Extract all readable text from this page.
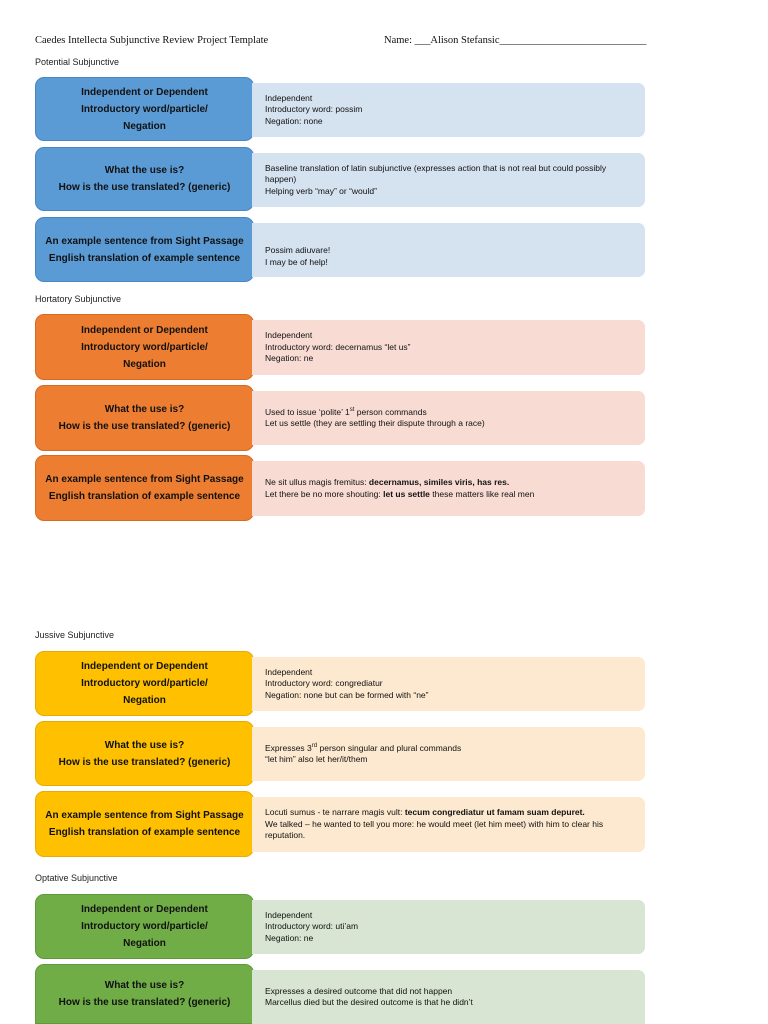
Caedes Intellecta Subjunctive Review Project Template	Name: ___Alison Stefansic____________________________
Potential Subjunctive
Independent or Dependent
Introductory word/particle/
Negation
Independent
Introductory word: possim
Negation: none
What the use is?
How is the use translated? (generic)
Baseline translation of latin subjunctive (expresses action that is not real but could possibly happen)
Helping verb “may” or “would”
An example sentence from Sight Passage
English translation of example sentence
Possim adiuvare!
I may be of help!
Hortatory Subjunctive
Independent or Dependent
Introductory word/particle/
Negation
Independent
Introductory word: decernamus “let us”
Negation: ne
What the use is?
How is the use translated? (generic)
Used to issue ‘polite’ 1st person commands
Let us settle (they are settling their dispute through a race)
An example sentence from Sight Passage
English translation of example sentence
Ne sit ullus magis fremitus: decernamus, similes viris, has res.
Let there be no more shouting: let us settle these matters like real men
Jussive Subjunctive
Independent or Dependent
Introductory word/particle/
Negation
Independent
Introductory word: congrediatur
Negation: none but can be formed with “ne”
What the use is?
How is the use translated? (generic)
Expresses 3rd person singular and plural commands
“let him” also let her/it/them
An example sentence from Sight Passage
English translation of example sentence
Locuti sumus - te narrare magis vult: tecum congrediatur ut famam suam depuret.
We talked – he wanted to tell you more: he would meet (let him meet) with him to clear his reputation.
Optative Subjunctive
Independent or Dependent
Introductory word/particle/
Negation
Independent
Introductory word: uti’am
Negation: ne
What the use is?
How is the use translated? (generic)
Expresses a desired outcome that did not happen
Marcellus died but the desired outcome is that he didn’t
